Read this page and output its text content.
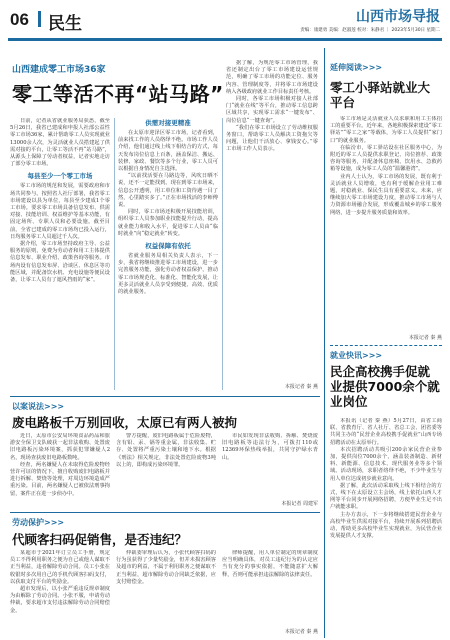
06 民生	山西市场导报
责编：康建勇 美编：赵淑莲 校对：朱静君 ｜ 2023年5月30日 星期二
山西建成零工市场36家
零工等活不再“站马路”

日前，记者从省就业服务局获悉，截至5月26日，我省已建成和申报人社部公益性零工市场36家，累计帮助零工人员实现就业13000余人次，为灵活就业人员搭建起了供需对接的平台，让零工等活不再“站马路”，从源头上保障了劳动者权益，记者实地走访了部分零工市场。

每县至少一个零工市场

零工市场的规范和发展，需要政府和市场共同参与。按照省人社厅部署，我省零工市场建设以县为单位，每县至少建成1个零工市场。要求零工市场具备信息发布、供需对接、技能培训、权益维护等基本功能，有固定场所、专职人员和必要设施。截至目前，全省已建成的零工市场均已投入运行，日均服务零工人员超过千人次。

据介绍，零工市场坚持政府主导、公益服务的原则，免费为劳动者和用工主体提供信息发布、职业介绍、政策咨询等服务。市场内设有信息发布屏、洽谈区、休息区等功能区域，并配备饮水机、充电设施等便民设备，让零工人员有了遮风挡雨的“家”。

供需对接更精准

在太原市迎泽区零工市场，记者看到，前来找工作的人员络绎不绝。市场工作人员介绍，他们通过线上线下相结合的方式，每天发布岗位信息上百条，涵盖保洁、搬运、装修、家政、餐饮等多个行业，零工人员可以根据自身情况自主选择。

“以前找活要在马路边等，风吹日晒不说，还不一定能找到。现在到零工市场来，信息公开透明，用工单位和工资待遇一目了然，心里踏实多了。”正在市场找活的李师傅说。

同时，零工市场还积极开展技能培训，组织零工人员参加职业技能提升行动，提高就业能力和收入水平，促进零工人员由“临时就业”向“稳定就业”转变。

权益保障有依托

省就业服务局相关负责人表示，下一步，我省将继续推进零工市场建设，进一步完善服务功能，强化劳动者权益保护，推动零工市场规范化、标准化、智能化发展，让更多灵活就业人员享受到便捷、高效、优质的就业服务。

据了解，为规范零工市场管理，我省还制定出台了零工市场建设运营规范，明确了零工市场的功能定位、服务内容、管理制度等，并将零工市场建设纳入各级政府就业工作目标责任考核。

同时，各零工市场积极对接人社部门“就业在线”等平台，推动零工信息跨区域共享，实现零工需求“一键发布”、岗位信息“一键查询”。

“我们在零工市场设立了劳动维权服务窗口，帮助零工人员解决工资拖欠等问题，让他们干活放心、拿钱安心。”零工市场工作人员表示。

本报记者 秦 燕
延伸阅读>>>
零工小驿站就业大平台

零工市场是灵活就业人员求职和用工主体招工的重要平台。近年来，各地积极探索建设“零工驿站”“零工之家”等载体，为零工人员提供“家门口”的就业服务。

在临汾市，零工驿站设在社区服务中心，为附近的零工人员提供求职登记、岗位推荐、政策咨询等服务，并配备休息座椅、饮用水、急救药箱等设施，成为零工人员的“温馨港湾”。

业内人士认为，零工市场的发展，既有利于灵活就业人员增收，也有利于缓解企业用工难题，对稳就业、保民生具有重要意义。未来，应继续加大零工市场建设力度，推动零工市场与人力资源市场融合发展，形成覆盖城乡的零工服务网络，进一步提升服务质量和效率。

本报记者 秦 燕
就业快讯>>>
民企高校携手促就业提供7000余个就业岗位

本报讯（记者 秦 燕）5月27日，由省工商联、省教育厅、省人社厅、省总工会、团省委等共同主办的“民营企业高校携手促就业”山西专场招聘活动在太原举行。

本次招聘活动共吸引200余家民营企业参加，提供岗位7000余个，涵盖装备制造、新材料、新能源、信息技术、现代服务业等多个领域。活动现场，求职者络绎不绝，不少毕业生与用人单位达成初步就业意向。

据了解，此次活动采取线上线下相结合的方式，线下在太原设立主会场，线上依托山西人才网等平台同步开展网络招聘，方便毕业生足不出户就能求职。

主办方表示，下一步将继续搭建民营企业与高校毕业生供需对接平台，持续开展系列招聘活动，帮助更多高校毕业生实现就业，为民营企业发展提供人才支撑。

以案说法>>>
废电路板千万别回收，太原已有两人被拘

近日，太原市公安局环境食品药品和旅游安全保卫支队破获一起非法收购、处置废旧电路板污染环境案，抓获犯罪嫌疑人2名，现场查获废旧电路板数吨。

经查，两名嫌疑人在未取得危险废物经营许可证的情况下，擅自收购废旧电路板并进行拆解、焚烧等处理，对周边环境造成严重污染。目前，两名嫌疑人已被依法刑事拘留，案件正在进一步侦办中。

警方提醒，废旧电路板属于危险废物，含有铅、汞、镉等重金属，非法收集、贮存、处置将严重污染土壤和地下水。根据《刑法》相关规定，非法处置危险废物3吨以上的，即构成污染环境罪。

市民如发现非法收购、拆解、焚烧废旧电路板等违法行为，可拨打110或12369环保热线举报，共同守护绿水青山。

本报记者 周建军
劳动保护>>>
代顾客扫码促销售，是否违纪？

某超市于2021年订立员工手册，规定员工不得利用职务之便为自己或他人谋取不正当利益，违者解除劳动合同。员工小张在收银时多次用自己的手机代顾客扫码支付，以获取支付平台的奖励金。

超市发现后，以小张严重违反规章制度为由解除了劳动合同。小张不服，申请劳动仲裁，要求超市支付违法解除劳动合同赔偿金。

仲裁委审理后认为，小张代顾客扫码的行为虽获得了少量奖励金，但并未损害顾客及超市的利益，不属于利用职务之便谋取不正当利益，超市解除劳动合同缺乏依据，应支付赔偿金。

律师提醒，用人单位制定的规章制度应当明确具体，对员工违纪行为的认定应当有充分的事实依据，不能随意扩大解释，否则可能承担违法解除的法律责任。

本报记者 秦 燕
